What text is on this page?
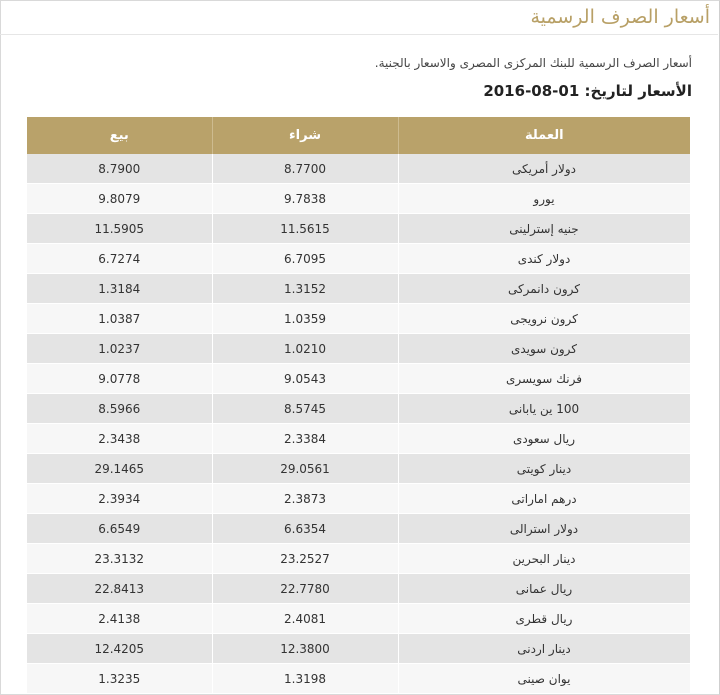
أسعار الصرف الرسمية
أسعار الصرف الرسمية للبنك المركزى المصرى والاسعار بالجنية.
الأسعار لتاريخ: 01-08-2016
بيع	شراء	العملة
8.7900	8.7700	دولار أمريكى
9.8079	9.7838	يورو
11.5905	11.5615	جنيه إسترلينى
6.7274	6.7095	دولار كندى
1.3184	1.3152	كرون دانمركى
1.0387	1.0359	كرون نرويجى
1.0237	1.0210	كرون سويدى
9.0778	9.0543	فرنك سويسرى
8.5966	8.5745	100 ين يابانى
2.3438	2.3384	ريال سعودى
29.1465	29.0561	دينار كويتى
2.3934	2.3873	درهم اماراتى
6.6549	6.6354	دولار استرالى
23.3132	23.2527	دينار البحرين
22.8413	22.7780	ريال عمانى
2.4138	2.4081	ريال قطرى
12.4205	12.3800	دينار اردنى
1.3235	1.3198	يوان صينى
